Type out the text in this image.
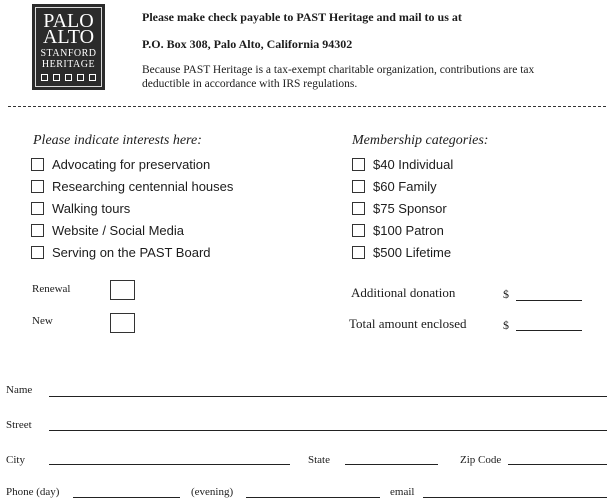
PALO
ALTO
STANFORD
HERITAGE
Please make check payable to PAST Heritage and mail to us at
P.O. Box 308, Palo Alto, California 94302
Because PAST Heritage is a tax-exempt charitable organization, contributions are tax deductible in accordance with IRS regulations.
Please indicate interests here:
Advocating for preservation
Researching centennial houses
Walking tours
Website / Social Media
Serving on the PAST Board
Membership categories:
$40 Individual
$60 Family
$75 Sponsor
$100 Patron
$500 Lifetime
Renewal
New
Additional donation	$
Total amount enclosed	$
Name
Street
City	State	Zip Code
Phone (day)	(evening)	email
